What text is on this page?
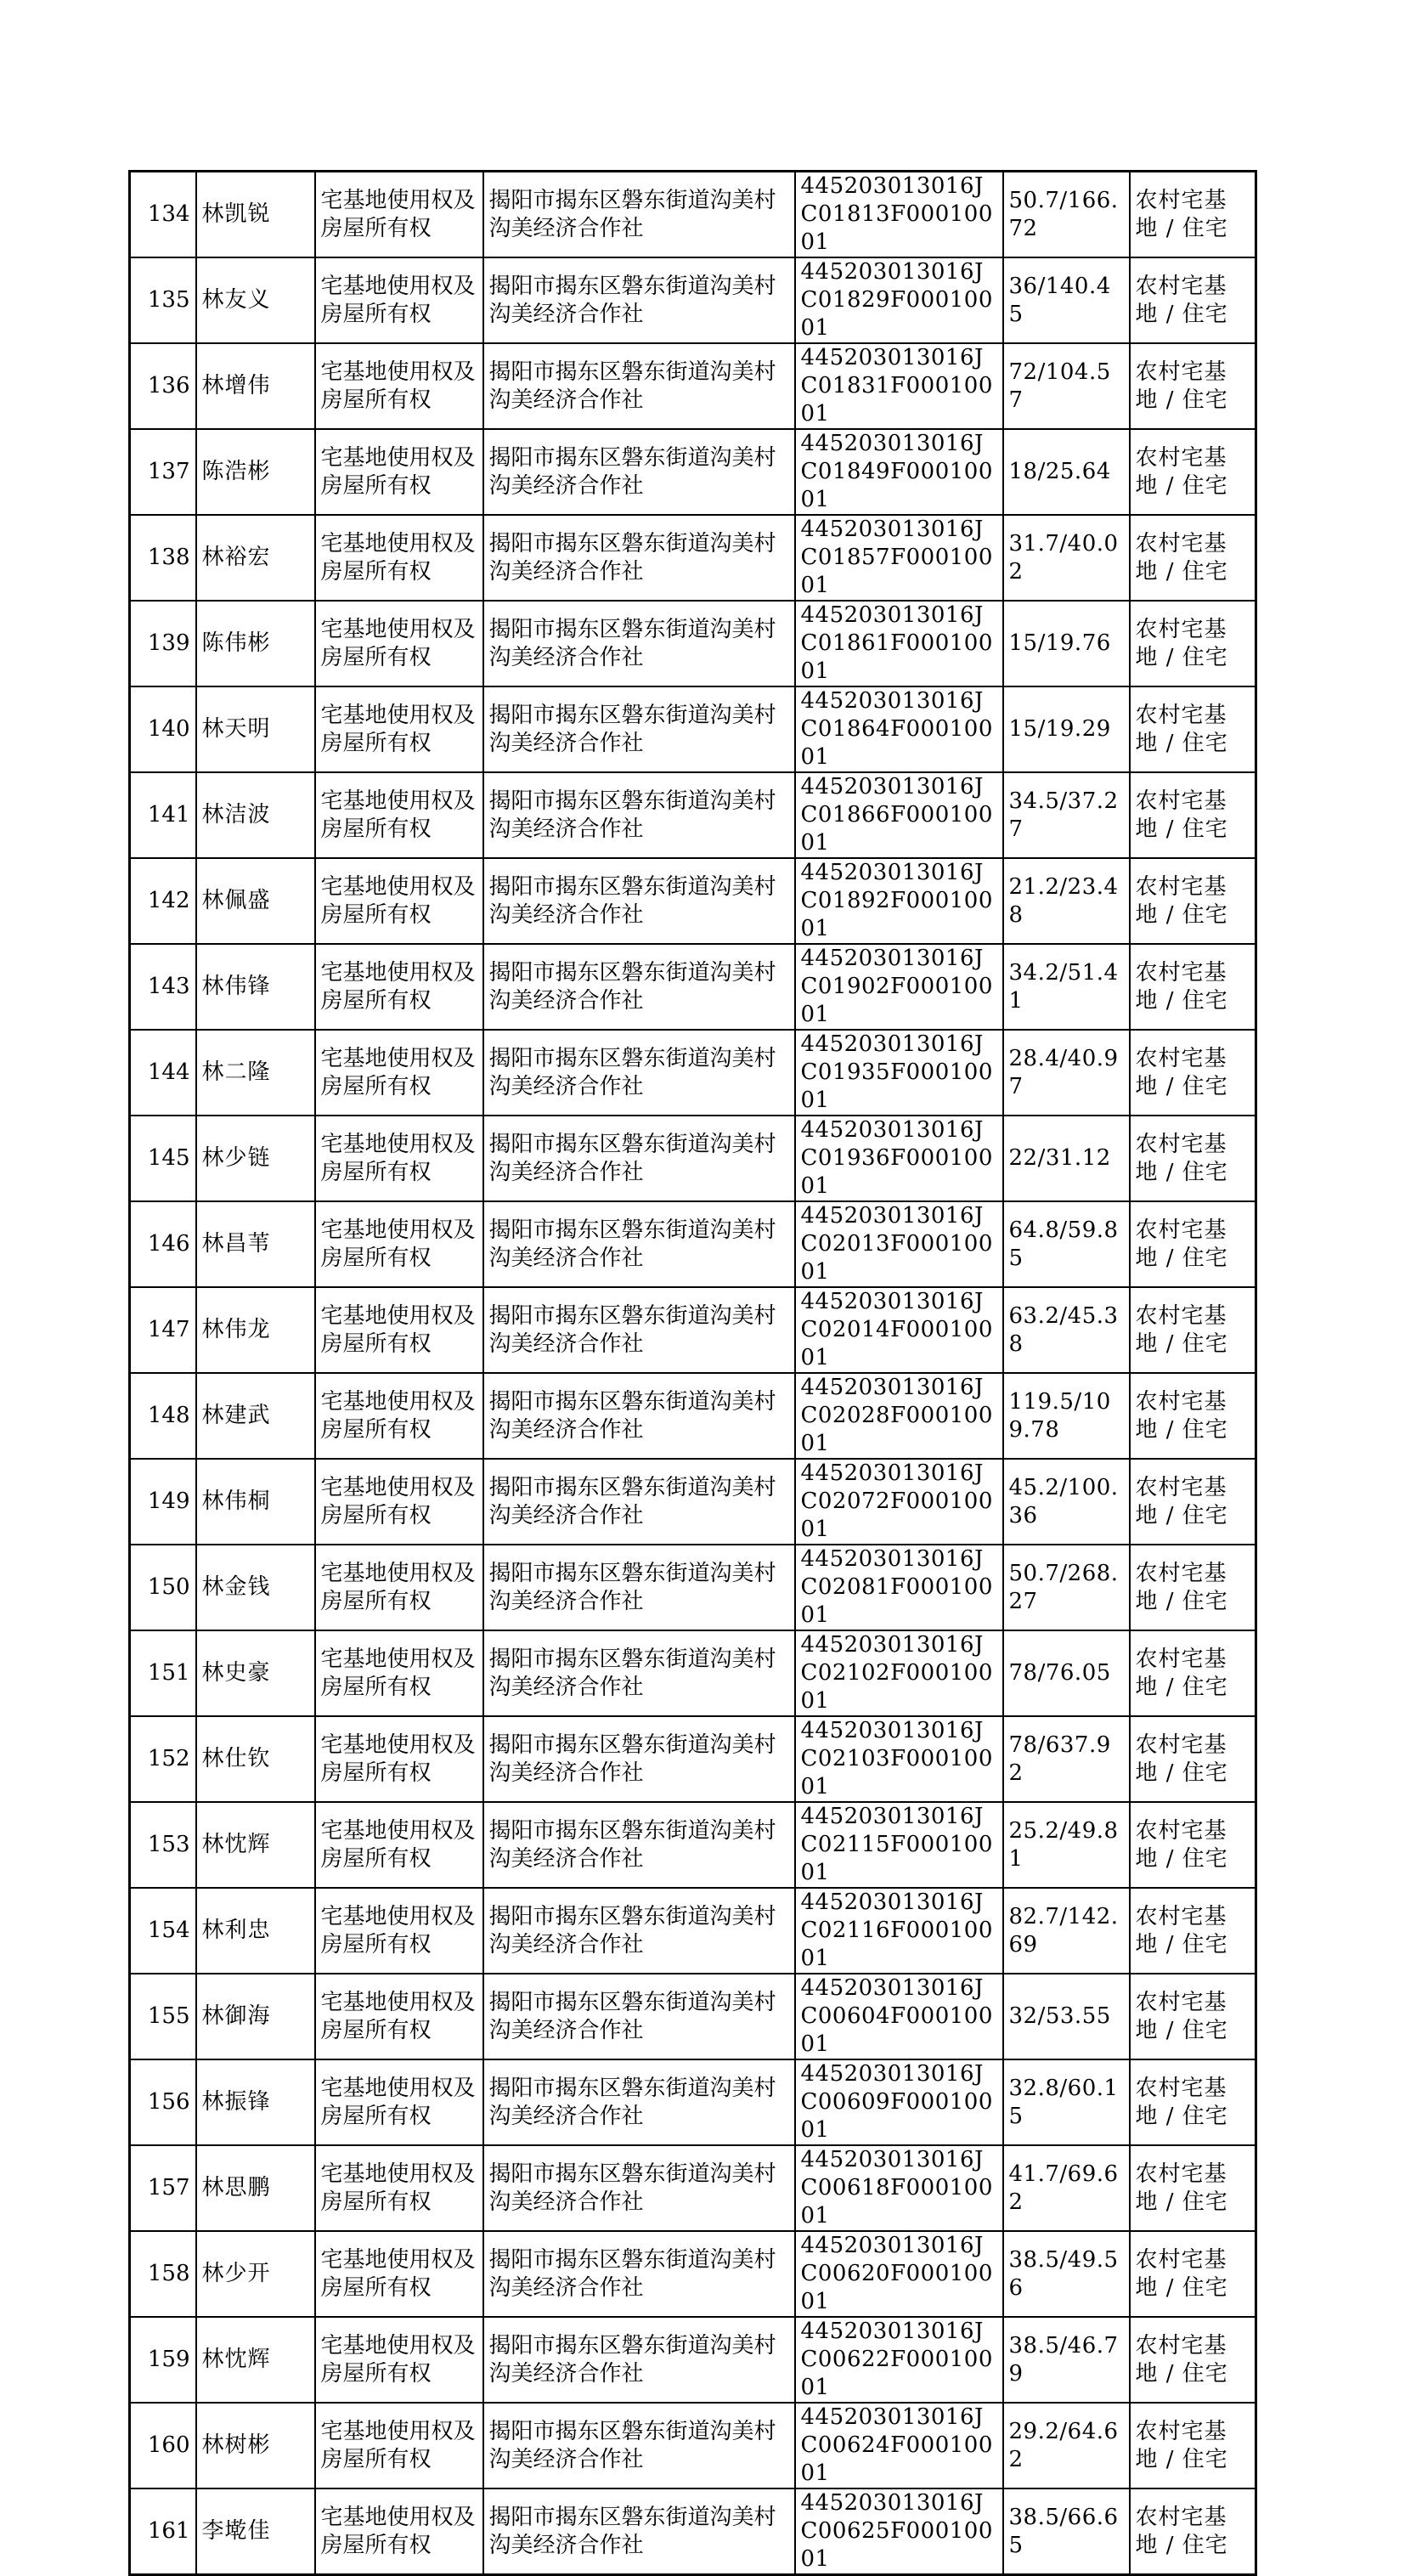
134	林凯锐	宅基地使用权及房屋所有权	揭阳市揭东区磐东街道沟美村沟美经济合作社	445203013016JC01813F00010001	50.7/166.72	农村宅基地 / 住宅
135	林友义	宅基地使用权及房屋所有权	揭阳市揭东区磐东街道沟美村沟美经济合作社	445203013016JC01829F00010001	36/140.45	农村宅基地 / 住宅
136	林增伟	宅基地使用权及房屋所有权	揭阳市揭东区磐东街道沟美村沟美经济合作社	445203013016JC01831F00010001	72/104.57	农村宅基地 / 住宅
137	陈浩彬	宅基地使用权及房屋所有权	揭阳市揭东区磐东街道沟美村沟美经济合作社	445203013016JC01849F00010001	18/25.64	农村宅基地 / 住宅
138	林裕宏	宅基地使用权及房屋所有权	揭阳市揭东区磐东街道沟美村沟美经济合作社	445203013016JC01857F00010001	31.7/40.02	农村宅基地 / 住宅
139	陈伟彬	宅基地使用权及房屋所有权	揭阳市揭东区磐东街道沟美村沟美经济合作社	445203013016JC01861F00010001	15/19.76	农村宅基地 / 住宅
140	林天明	宅基地使用权及房屋所有权	揭阳市揭东区磐东街道沟美村沟美经济合作社	445203013016JC01864F00010001	15/19.29	农村宅基地 / 住宅
141	林洁波	宅基地使用权及房屋所有权	揭阳市揭东区磐东街道沟美村沟美经济合作社	445203013016JC01866F00010001	34.5/37.27	农村宅基地 / 住宅
142	林佩盛	宅基地使用权及房屋所有权	揭阳市揭东区磐东街道沟美村沟美经济合作社	445203013016JC01892F00010001	21.2/23.48	农村宅基地 / 住宅
143	林伟锋	宅基地使用权及房屋所有权	揭阳市揭东区磐东街道沟美村沟美经济合作社	445203013016JC01902F00010001	34.2/51.41	农村宅基地 / 住宅
144	林二隆	宅基地使用权及房屋所有权	揭阳市揭东区磐东街道沟美村沟美经济合作社	445203013016JC01935F00010001	28.4/40.97	农村宅基地 / 住宅
145	林少链	宅基地使用权及房屋所有权	揭阳市揭东区磐东街道沟美村沟美经济合作社	445203013016JC01936F00010001	22/31.12	农村宅基地 / 住宅
146	林昌苇	宅基地使用权及房屋所有权	揭阳市揭东区磐东街道沟美村沟美经济合作社	445203013016JC02013F00010001	64.8/59.85	农村宅基地 / 住宅
147	林伟龙	宅基地使用权及房屋所有权	揭阳市揭东区磐东街道沟美村沟美经济合作社	445203013016JC02014F00010001	63.2/45.38	农村宅基地 / 住宅
148	林建武	宅基地使用权及房屋所有权	揭阳市揭东区磐东街道沟美村沟美经济合作社	445203013016JC02028F00010001	119.5/109.78	农村宅基地 / 住宅
149	林伟桐	宅基地使用权及房屋所有权	揭阳市揭东区磐东街道沟美村沟美经济合作社	445203013016JC02072F00010001	45.2/100.36	农村宅基地 / 住宅
150	林金钱	宅基地使用权及房屋所有权	揭阳市揭东区磐东街道沟美村沟美经济合作社	445203013016JC02081F00010001	50.7/268.27	农村宅基地 / 住宅
151	林史豪	宅基地使用权及房屋所有权	揭阳市揭东区磐东街道沟美村沟美经济合作社	445203013016JC02102F00010001	78/76.05	农村宅基地 / 住宅
152	林仕钦	宅基地使用权及房屋所有权	揭阳市揭东区磐东街道沟美村沟美经济合作社	445203013016JC02103F00010001	78/637.92	农村宅基地 / 住宅
153	林忱辉	宅基地使用权及房屋所有权	揭阳市揭东区磐东街道沟美村沟美经济合作社	445203013016JC02115F00010001	25.2/49.81	农村宅基地 / 住宅
154	林利忠	宅基地使用权及房屋所有权	揭阳市揭东区磐东街道沟美村沟美经济合作社	445203013016JC02116F00010001	82.7/142.69	农村宅基地 / 住宅
155	林御海	宅基地使用权及房屋所有权	揭阳市揭东区磐东街道沟美村沟美经济合作社	445203013016JC00604F00010001	32/53.55	农村宅基地 / 住宅
156	林振锋	宅基地使用权及房屋所有权	揭阳市揭东区磐东街道沟美村沟美经济合作社	445203013016JC00609F00010001	32.8/60.15	农村宅基地 / 住宅
157	林思鹏	宅基地使用权及房屋所有权	揭阳市揭东区磐东街道沟美村沟美经济合作社	445203013016JC00618F00010001	41.7/69.62	农村宅基地 / 住宅
158	林少开	宅基地使用权及房屋所有权	揭阳市揭东区磐东街道沟美村沟美经济合作社	445203013016JC00620F00010001	38.5/49.56	农村宅基地 / 住宅
159	林忱辉	宅基地使用权及房屋所有权	揭阳市揭东区磐东街道沟美村沟美经济合作社	445203013016JC00622F00010001	38.5/46.79	农村宅基地 / 住宅
160	林树彬	宅基地使用权及房屋所有权	揭阳市揭东区磐东街道沟美村沟美经济合作社	445203013016JC00624F00010001	29.2/64.62	农村宅基地 / 住宅
161	李墘佳	宅基地使用权及房屋所有权	揭阳市揭东区磐东街道沟美村沟美经济合作社	445203013016JC00625F00010001	38.5/66.65	农村宅基地 / 住宅
